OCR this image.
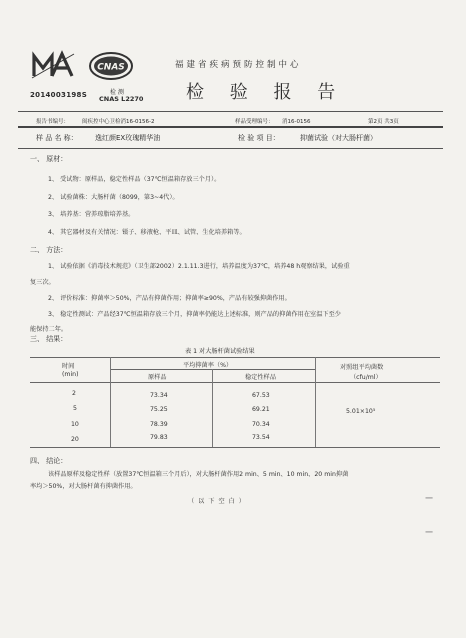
CNAS
2014003198S	检 测
CNAS L2270
福建省疾病预防控制中心
检 验 报 告
报告书编号： 闽疾控中心卫检消16-0156-2	样品受理编号： 消16-0156	第2页 共3页
样 品 名 称： 逸红颜EX玫瑰精华油	检 验 项 目：	抑菌试验（对大肠杆菌）
一、 原材：
1、 受试物：原样品，稳定性样品（37℃恒温箱存放三个月）。
2、 试验菌株：大肠杆菌（8099，第3~4代）。
3、 培养基：营养琼脂培养基。
4、 其它器材及有关情况：镊子、移液枪、平皿、试管、生化培养箱等。
二、 方法：
1、 试验依据《消毒技术规范》（卫生部2002）2.1.11.3进行，培养温度为37℃，培养48 h观察结果，试验重
复三次。
2、 评价标准：抑菌率＞50%，产品有抑菌作用；抑菌率≥90%，产品有较强抑菌作用。
3、 稳定性测试：产品经37℃恒温箱存放三个月，抑菌率仍能达上述标准，则产品的抑菌作用在室温下至少
能保持二年。
三、 结果：
表 1 对大肠杆菌试验结果
时间
(min)
平均抑菌率（%）
原样品	稳定性样品
对照组平均菌数
（cfu/ml）
2	73.34	67.53
5	75.25	69.21
10	78.39	70.34
20	79.83	73.54
5.01×10⁵
四、 结论：
该样品原样及稳定性样（放置37℃恒温箱三个月后），对大肠杆菌作用2 min、5 min、10 min、20 min抑菌
率均＞50%，对大肠杆菌有抑菌作用。
（ 以 下 空 白 ）
┃
┃
